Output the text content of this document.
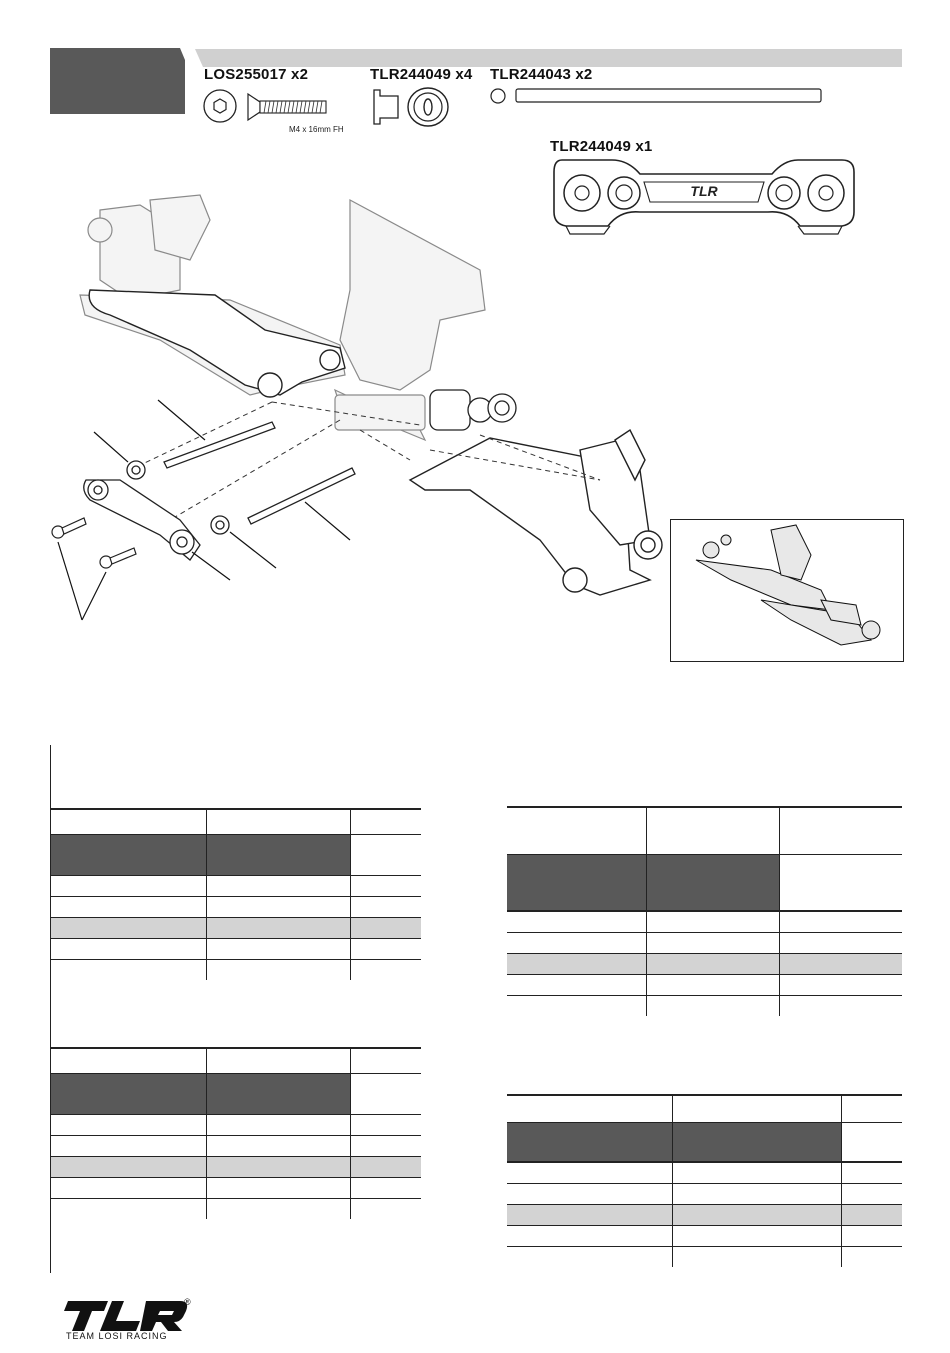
LOS255017 x2	TLR244049 x4 TLR244043 x2
TLR244049 x1
M4 x 16mm FH
TLR

®
TEAM LOSI RACING
